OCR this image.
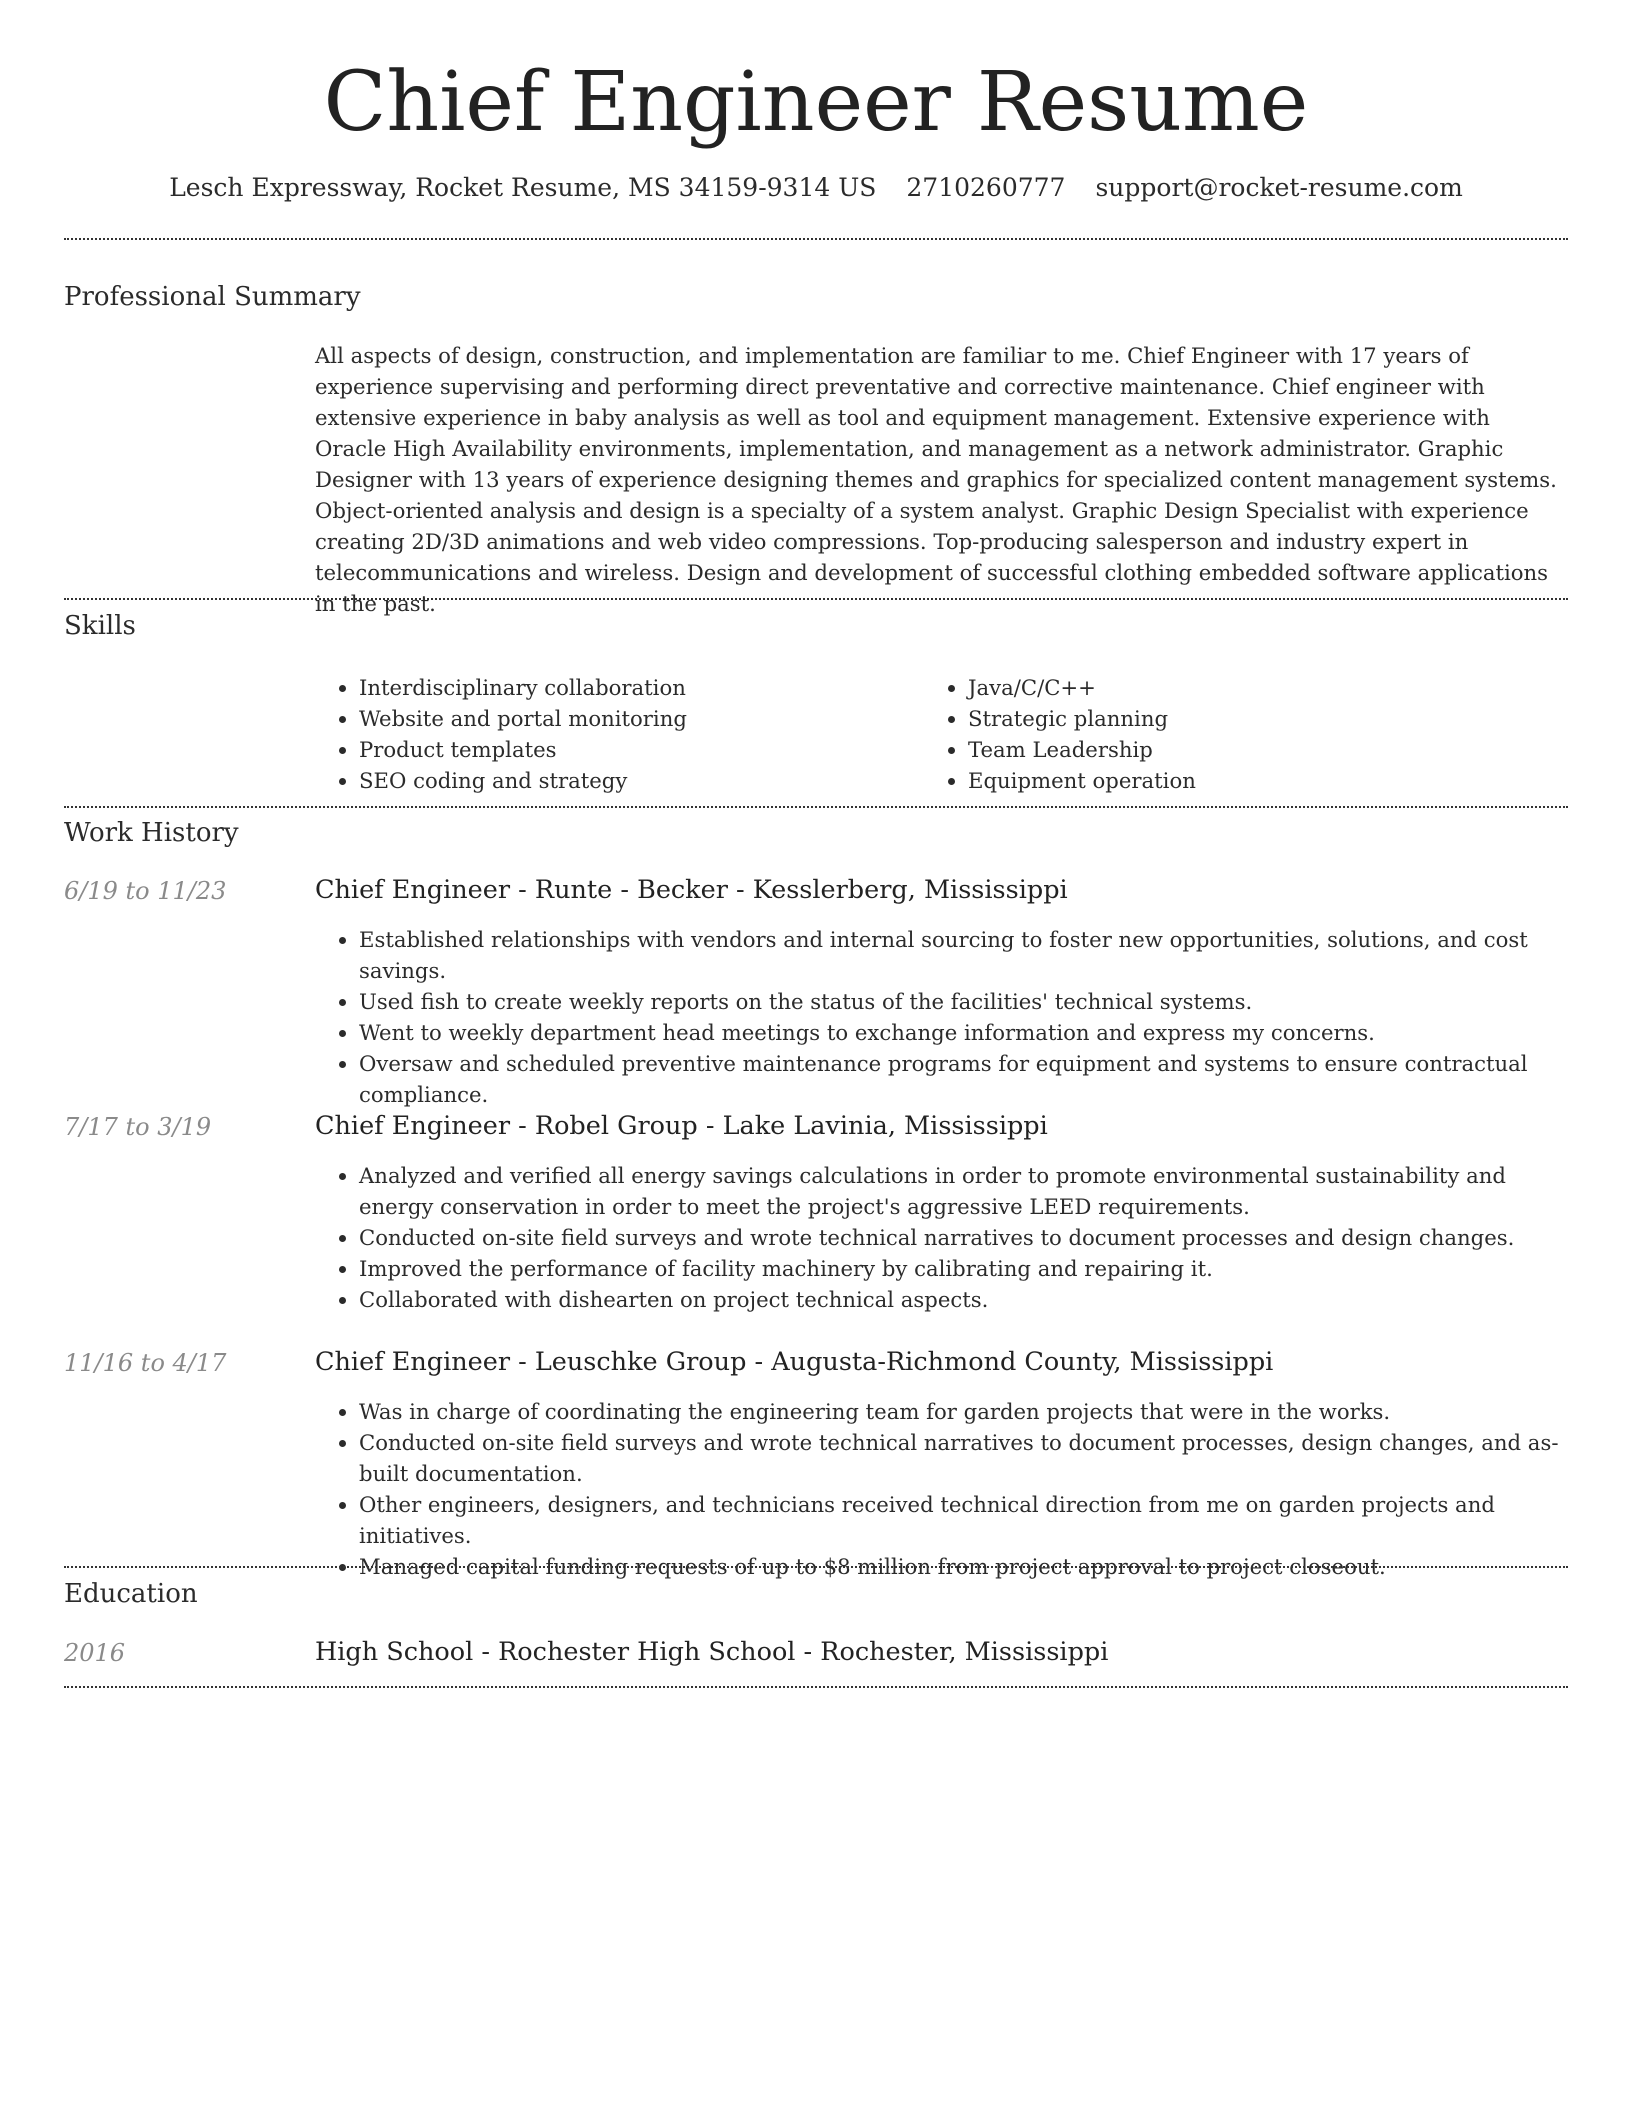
Chief Engineer Resume
Lesch Expressway, Rocket Resume, MS 34159-9314 US 2710260777 support@rocket-resume.com
Professional Summary

All aspects of design, construction, and implementation are familiar to me. Chief Engineer with 17 years of experience supervising and performing direct preventative and corrective maintenance. Chief engineer with extensive experience in baby analysis as well as tool and equipment management. Extensive experience with Oracle High Availability environments, implementation, and management as a network administrator. Graphic Designer with 13 years of experience designing themes and graphics for specialized content management systems. Object-oriented analysis and design is a specialty of a system analyst. Graphic Design Specialist with experience creating 2D/3D animations and web video compressions. Top-producing salesperson and industry expert in telecommunications and wireless. Design and development of successful clothing embedded software applications in the past.

Skills
• Interdisciplinary collaboration
• Website and portal monitoring
• Product templates
• SEO coding and strategy
• Java/C/C++
• Strategic planning
• Team Leadership
• Equipment operation
Work History
6/19 to 11/23	Chief Engineer - Runte - Becker - Kesslerberg, Mississippi
• Established relationships with vendors and internal sourcing to foster new opportunities, solutions, and cost savings.
• Used fish to create weekly reports on the status of the facilities' technical systems.
• Went to weekly department head meetings to exchange information and express my concerns.
• Oversaw and scheduled preventive maintenance programs for equipment and systems to ensure contractual compliance.
7/17 to 3/19	Chief Engineer - Robel Group - Lake Lavinia, Mississippi
• Analyzed and verified all energy savings calculations in order to promote environmental sustainability and energy conservation in order to meet the project's aggressive LEED requirements.
• Conducted on-site field surveys and wrote technical narratives to document processes and design changes.
• Improved the performance of facility machinery by calibrating and repairing it.
• Collaborated with dishearten on project technical aspects.
11/16 to 4/17	Chief Engineer - Leuschke Group - Augusta-Richmond County, Mississippi
• Was in charge of coordinating the engineering team for garden projects that were in the works.
• Conducted on-site field surveys and wrote technical narratives to document processes, design changes, and as-built documentation.
• Other engineers, designers, and technicians received technical direction from me on garden projects and initiatives.
• Managed capital funding requests of up to $8 million from project approval to project closeout.
Education
2016	High School - Rochester High School - Rochester, Mississippi
